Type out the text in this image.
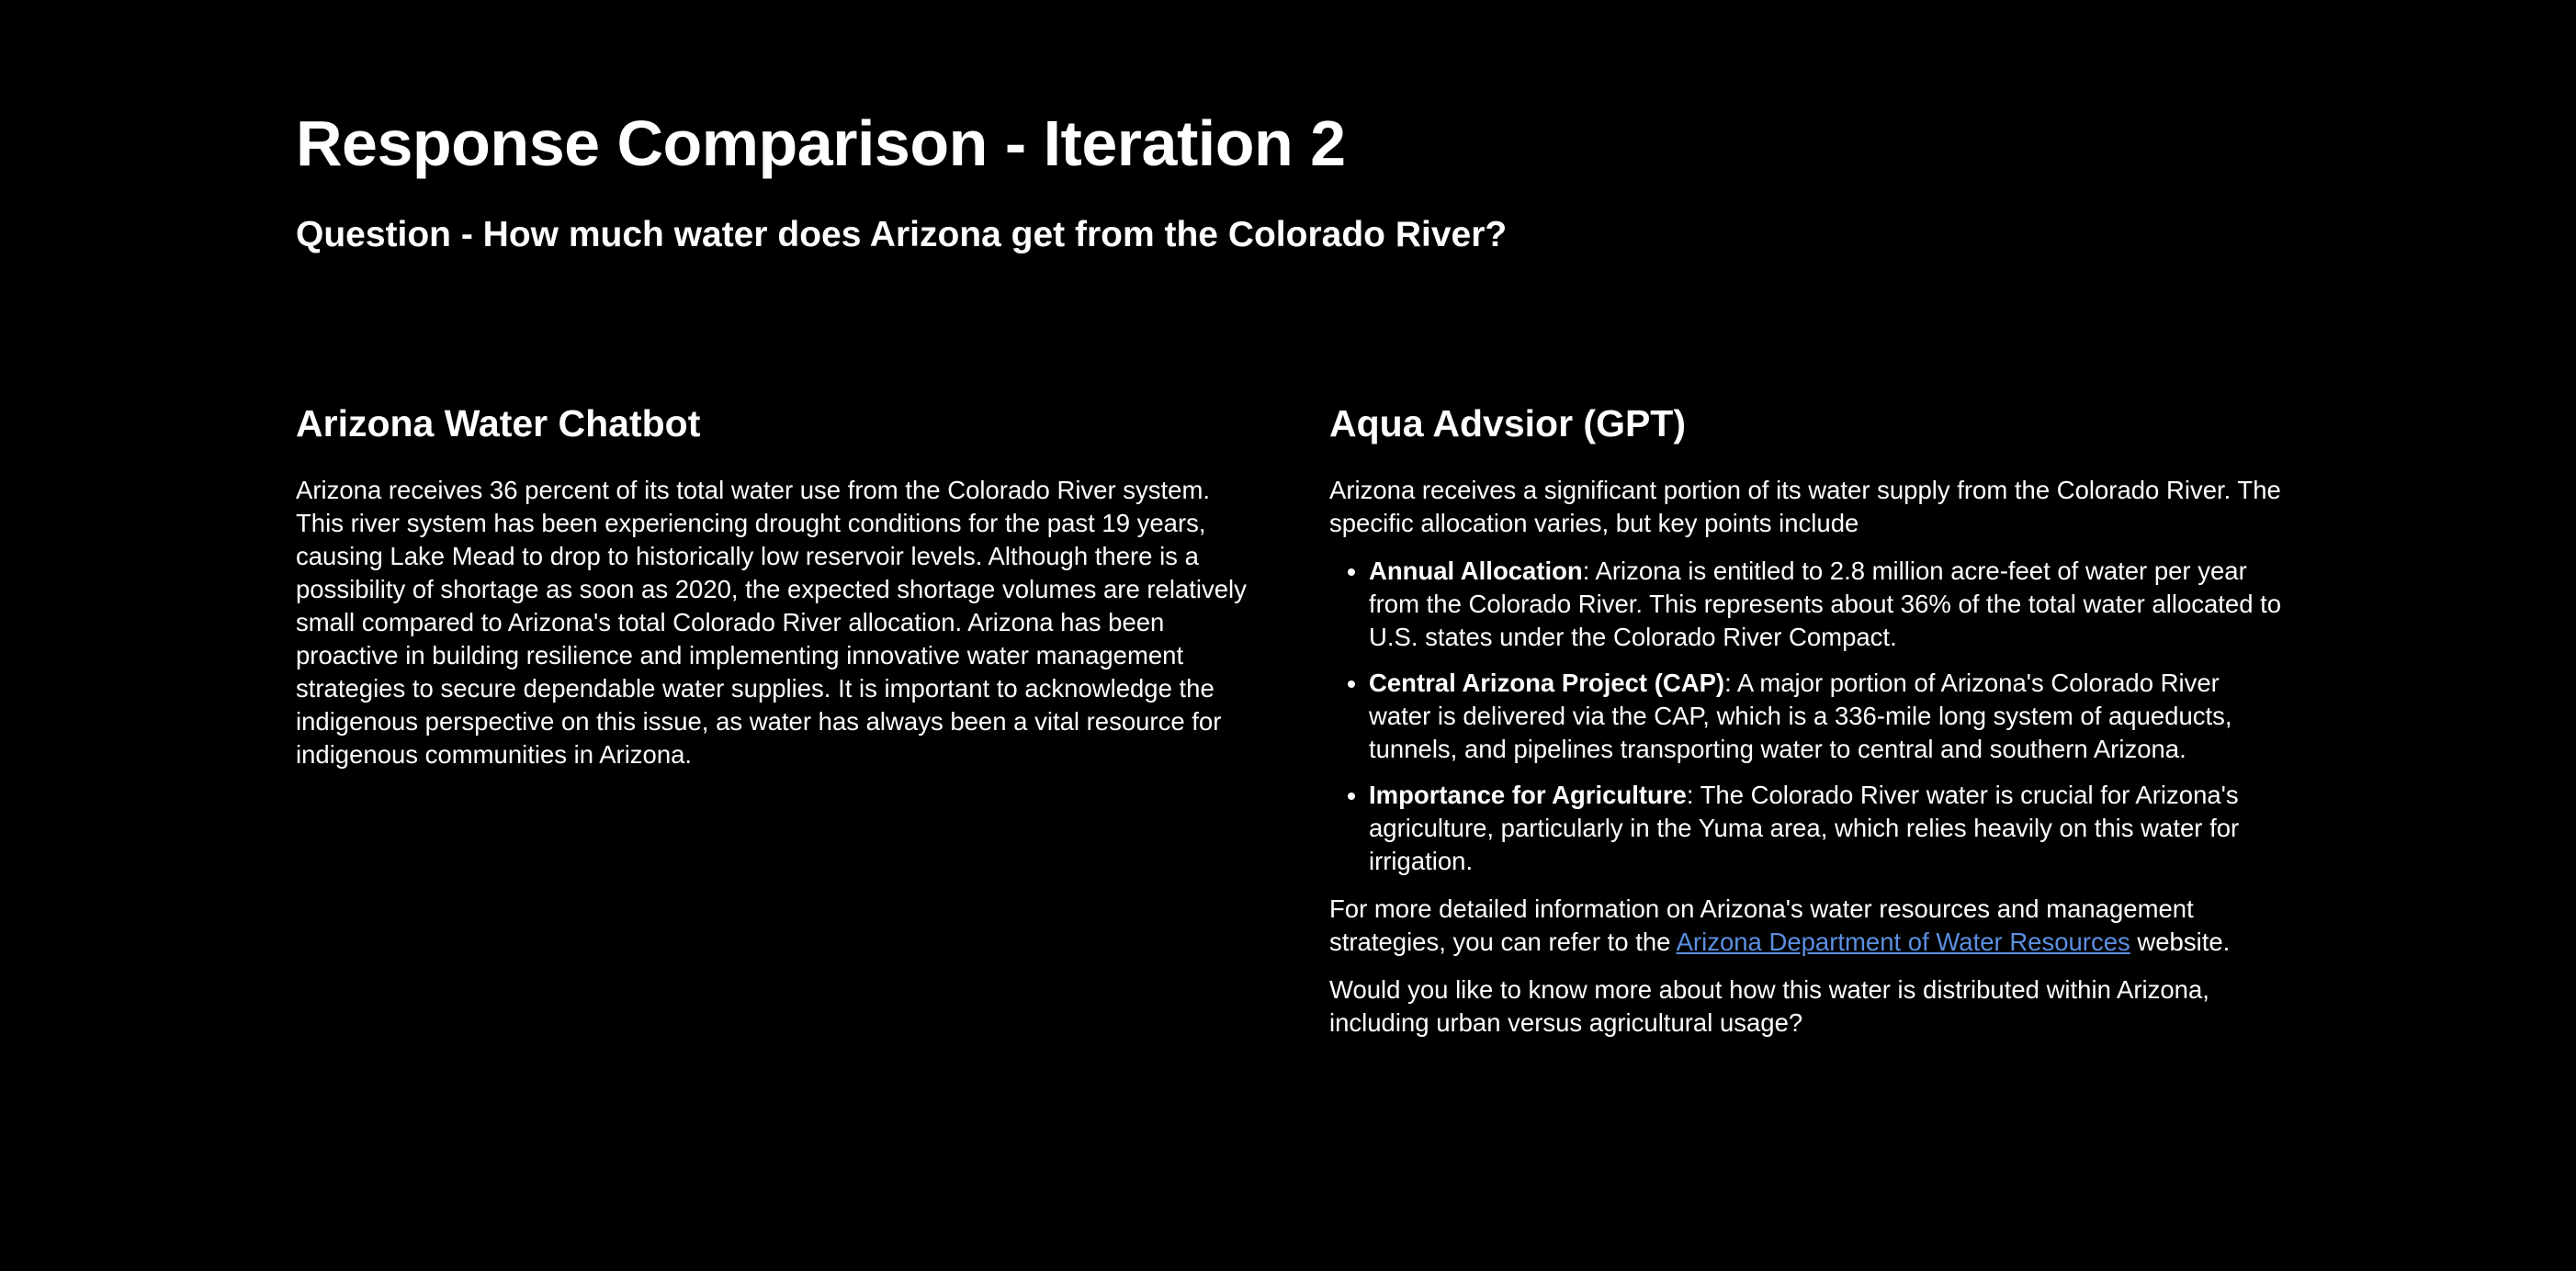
Response Comparison - Iteration 2
Question - How much water does Arizona get from the Colorado River?
Arizona Water Chatbot

Arizona receives 36 percent of its total water use from the Colorado River system. This river system has been experiencing drought conditions for the past 19 years, causing Lake Mead to drop to historically low reservoir levels. Although there is a possibility of shortage as soon as 2020, the expected shortage volumes are relatively small compared to Arizona's total Colorado River allocation. Arizona has been proactive in building resilience and implementing innovative water management strategies to secure dependable water supplies. It is important to acknowledge the indigenous perspective on this issue, as water has always been a vital resource for indigenous communities in Arizona.

Aqua Advsior (GPT)

Arizona receives a significant portion of its water supply from the Colorado River. The specific allocation varies, but key points include

• Annual Allocation: Arizona is entitled to 2.8 million acre-feet of water per year from the Colorado River. This represents about 36% of the total water allocated to U.S. states under the Colorado River Compact.
• Central Arizona Project (CAP): A major portion of Arizona's Colorado River water is delivered via the CAP, which is a 336-mile long system of aqueducts, tunnels, and pipelines transporting water to central and southern Arizona.
• Importance for Agriculture: The Colorado River water is crucial for Arizona's agriculture, particularly in the Yuma area, which relies heavily on this water for irrigation.

For more detailed information on Arizona's water resources and management strategies, you can refer to the Arizona Department of Water Resources website.

Would you like to know more about how this water is distributed within Arizona, including urban versus agricultural usage?
